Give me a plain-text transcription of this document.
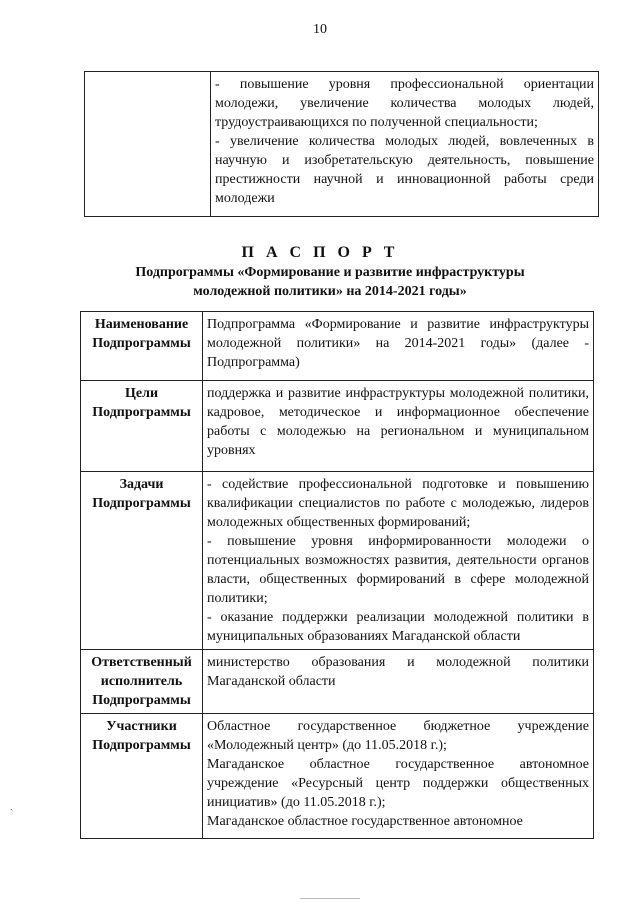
10

- повышение уровня профессиональной ориентации молодежи, увеличение количества молодых людей, трудоустраивающихся по полученной специальности;

- увеличение количества молодых людей, вовлеченных в научную и изобретательскую деятельность, повышение престижности научной и инновационной работы среди молодежи

П А С П О Р Т
Подпрограммы «Формирование и развитие инфраструктуры молодежной политики» на 2014-2021 годы»
Наименование Подпрограммы	Подпрограмма «Формирование и развитие инфраструктуры молодежной политики» на 2014-2021 годы» (далее - Подпрограмма)

Цели Подпрограммы	поддержка и развитие инфраструктуры молодежной политики, кадровое, методическое и информационное обеспечение работы с молодежью на региональном и муниципальном уровнях

Задачи Подпрограммы	- содействие профессиональной подготовке и повышению квалификации специалистов по работе с молодежью, лидеров молодежных общественных формирований;

- повышение уровня информированности молодежи о потенциальных возможностях развития, деятельности органов власти, общественных формирований в сфере молодежной политики;

- оказание поддержки реализации молодежной политики в муниципальных образованиях Магаданской области

Ответственный исполнитель Подпрограммы	министерство образования и молодежной политики Магаданской области

Участники Подпрограммы	Областное государственное бюджетное учреждение «Молодежный центр» (до 11.05.2018 г.);

Магаданское областное государственное автономное учреждение «Ресурсный центр поддержки общественных инициатив» (до 11.05.2018 г.);

Магаданское областное государственное автономное

ˏ
